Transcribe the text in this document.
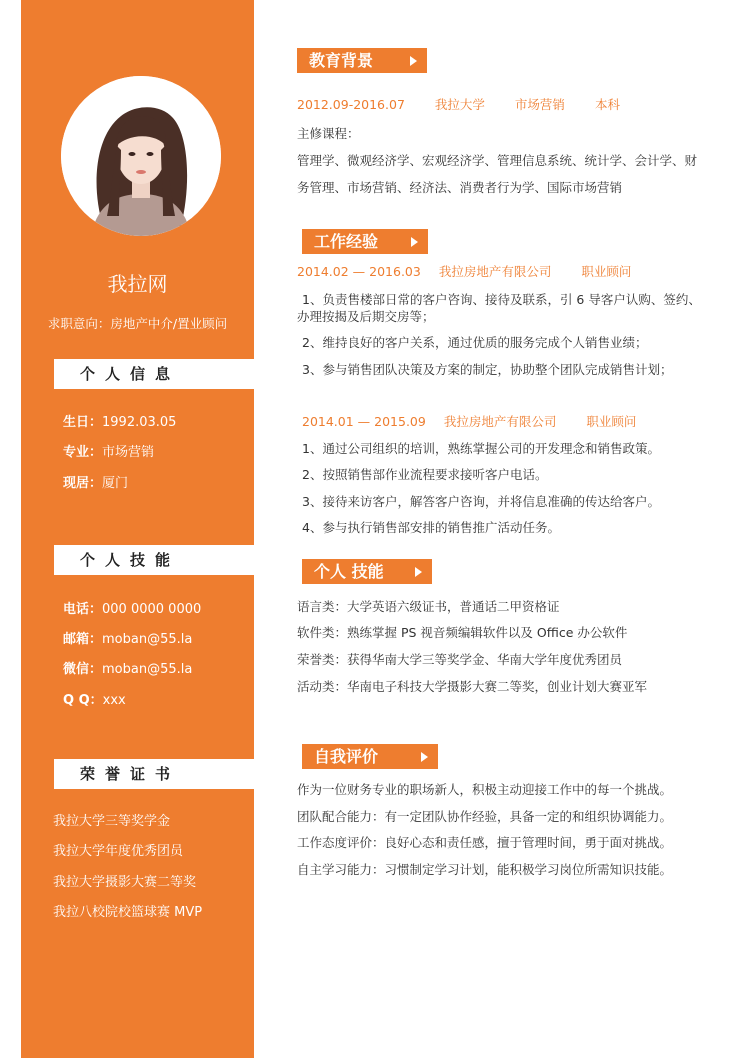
我拉网
求职意向：房地产中介/置业顾问
个人信息
生日：1992.03.05
专业：市场营销
现居：厦门
个人技能
电话：000 0000 0000
邮箱：moban@55.la
微信：moban@55.la
Q Q：xxx
荣誉证书
我拉大学三等奖学金
我拉大学年度优秀团员
我拉大学摄影大赛二等奖
我拉八校院校篮球赛 MVP
教育背景
2012.09-2016.07 我拉大学 市场营销 本科
主修课程：
管理学、微观经济学、宏观经济学、管理信息系统、统计学、会计学、财
务管理、市场营销、经济法、消费者行为学、国际市场营销
工作经验
2014.02 — 2016.03 我拉房地产有限公司 职业顾问
1、负责售楼部日常的客户咨询、接待及联系，引 6 导客户认购、签约、
办理按揭及后期交房等；
2、维持良好的客户关系，通过优质的服务完成个人销售业绩；
3、参与销售团队决策及方案的制定，协助整个团队完成销售计划；
2014.01 — 2015.09 我拉房地产有限公司 职业顾问
1、通过公司组织的培训，熟练掌握公司的开发理念和销售政策。
2、按照销售部作业流程要求接听客户电话。
3、接待来访客户，解答客户咨询，并将信息准确的传达给客户。
4、参与执行销售部安排的销售推广活动任务。
个人 技能
语言类：大学英语六级证书，普通话二甲资格证
软件类：熟练掌握 PS 视音频编辑软件以及 Office 办公软件
荣誉类：获得华南大学三等奖学金、华南大学年度优秀团员
活动类：华南电子科技大学摄影大赛二等奖，创业计划大赛亚军
自我评价
作为一位财务专业的职场新人，积极主动迎接工作中的每一个挑战。
团队配合能力：有一定团队协作经验，具备一定的和组织协调能力。
工作态度评价：良好心态和责任感，擅于管理时间，勇于面对挑战。
自主学习能力：习惯制定学习计划，能积极学习岗位所需知识技能。
